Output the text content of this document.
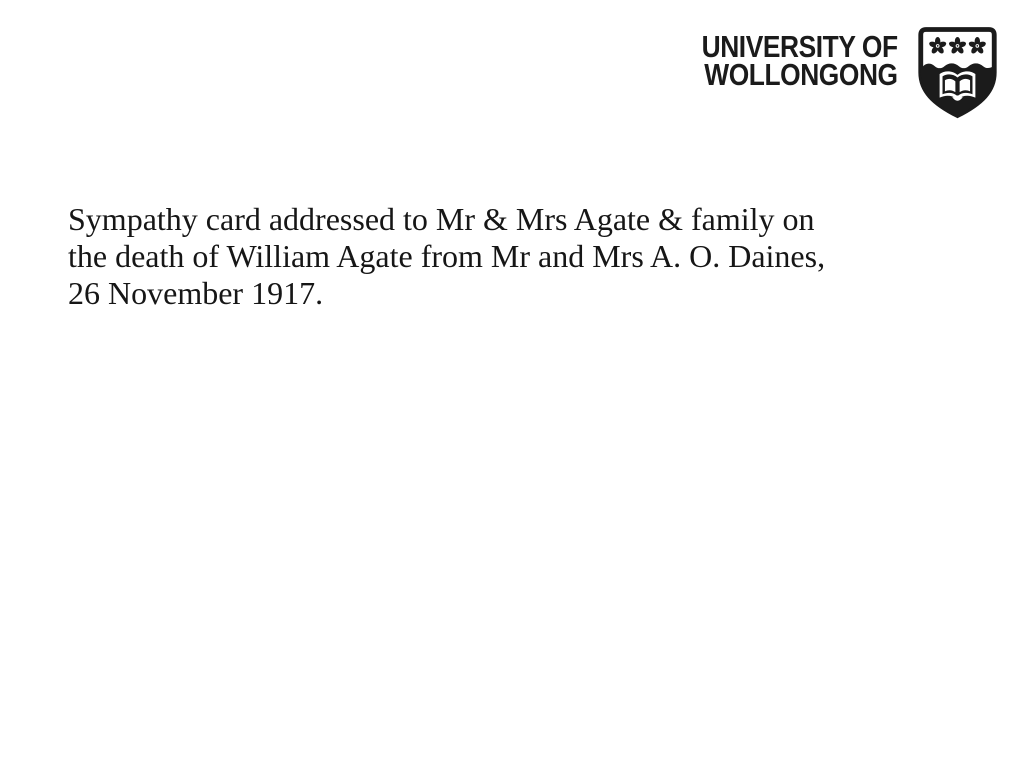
UNIVERSITY OF
WOLLONGONG
Sympathy card addressed to Mr & Mrs Agate & family on
the death of William Agate from Mr and Mrs A. O. Daines,
26 November 1917.
